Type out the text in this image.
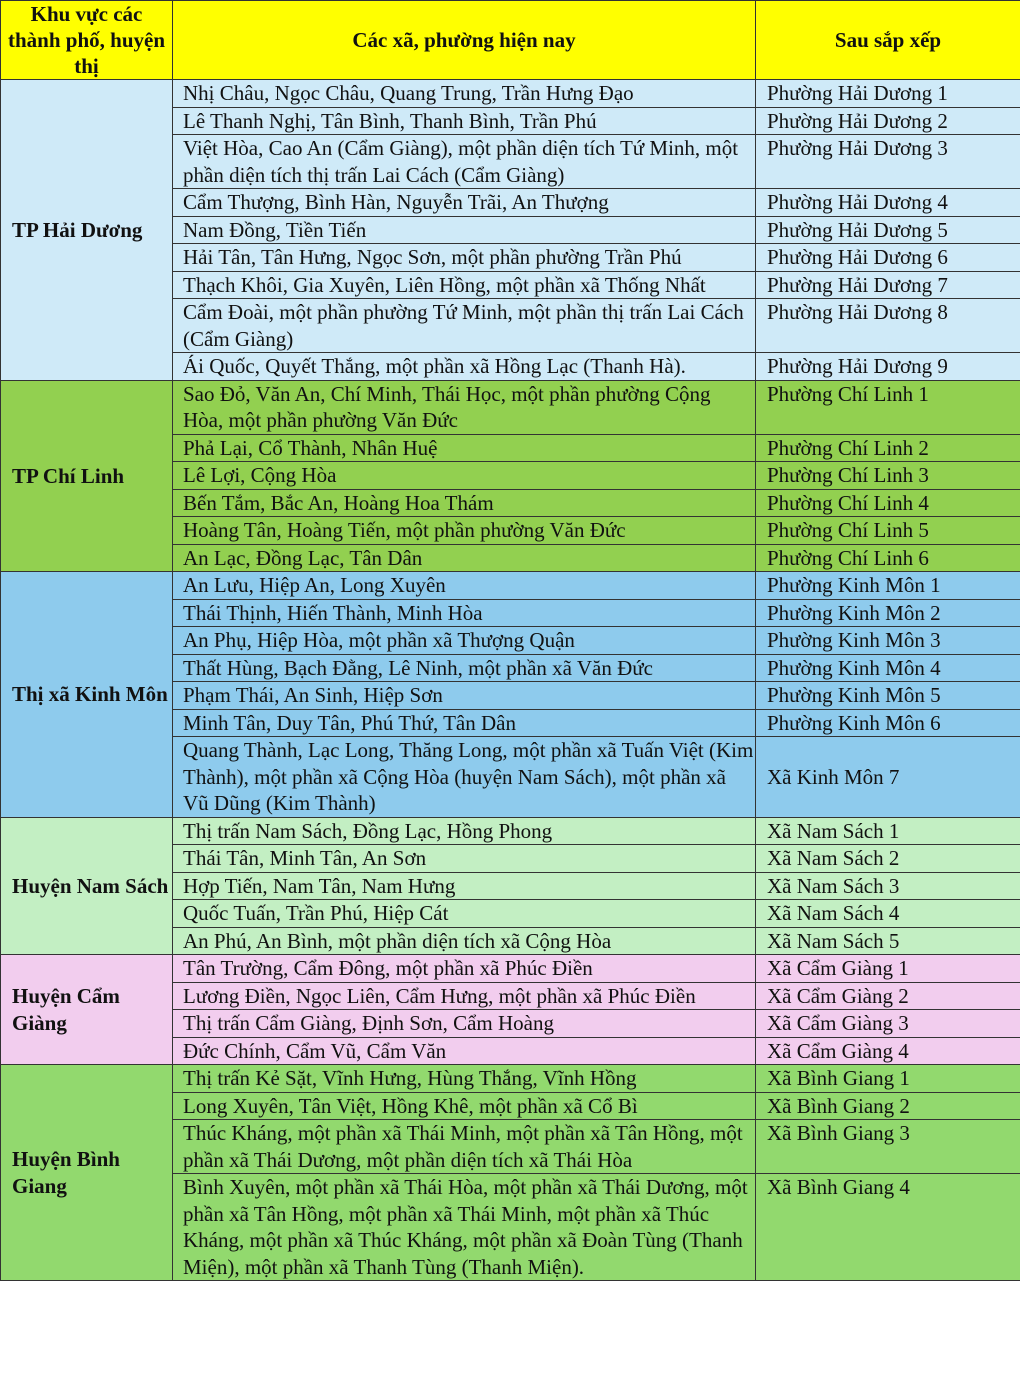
Khu vực các thành phố, huyện thị	Các xã, phường hiện nay	Sau sắp xếp
TP Hải Dương	Nhị Châu, Ngọc Châu, Quang Trung, Trần Hưng Đạo	Phường Hải Dương 1
	Lê Thanh Nghị, Tân Bình, Thanh Bình, Trần Phú	Phường Hải Dương 2
	Việt Hòa, Cao An (Cẩm Giàng), một phần diện tích Tứ Minh, một phần diện tích thị trấn Lai Cách (Cẩm Giàng)	Phường Hải Dương 3
	Cẩm Thượng, Bình Hàn, Nguyễn Trãi, An Thượng	Phường Hải Dương 4
	Nam Đồng, Tiền Tiến	Phường Hải Dương 5
	Hải Tân, Tân Hưng, Ngọc Sơn, một phần phường Trần Phú	Phường Hải Dương 6
	Thạch Khôi, Gia Xuyên, Liên Hồng, một phần xã Thống Nhất	Phường Hải Dương 7
	Cẩm Đoài, một phần phường Tứ Minh, một phần thị trấn Lai Cách (Cẩm Giàng)	Phường Hải Dương 8
	Ái Quốc, Quyết Thắng, một phần xã Hồng Lạc (Thanh Hà).	Phường Hải Dương 9
TP Chí Linh	Sao Đỏ, Văn An, Chí Minh, Thái Học, một phần phường Cộng Hòa, một phần phường Văn Đức	Phường Chí Linh 1
	Phả Lại, Cổ Thành, Nhân Huệ	Phường Chí Linh 2
	Lê Lợi, Cộng Hòa	Phường Chí Linh 3
	Bến Tắm, Bắc An, Hoàng Hoa Thám	Phường Chí Linh 4
	Hoàng Tân, Hoàng Tiến, một phần phường Văn Đức	Phường Chí Linh 5
	An Lạc, Đồng Lạc, Tân Dân	Phường Chí Linh 6
Thị xã Kinh Môn	An Lưu, Hiệp An, Long Xuyên	Phường Kinh Môn 1
	Thái Thịnh, Hiến Thành, Minh Hòa	Phường Kinh Môn 2
	An Phụ, Hiệp Hòa, một phần xã Thượng Quận	Phường Kinh Môn 3
	Thất Hùng, Bạch Đằng, Lê Ninh, một phần xã Văn Đức	Phường Kinh Môn 4
	Phạm Thái, An Sinh, Hiệp Sơn	Phường Kinh Môn 5
	Minh Tân, Duy Tân, Phú Thứ, Tân Dân	Phường Kinh Môn 6
	Quang Thành, Lạc Long, Thăng Long, một phần xã Tuấn Việt (Kim Thành), một phần xã Cộng Hòa (huyện Nam Sách), một phần xã Vũ Dũng (Kim Thành)	Xã Kinh Môn 7
Huyện Nam Sách	Thị trấn Nam Sách, Đồng Lạc, Hồng Phong	Xã Nam Sách 1
	Thái Tân, Minh Tân, An Sơn	Xã Nam Sách 2
	Hợp Tiến, Nam Tân, Nam Hưng	Xã Nam Sách 3
	Quốc Tuấn, Trần Phú, Hiệp Cát	Xã Nam Sách 4
	An Phú, An Bình, một phần diện tích xã Cộng Hòa	Xã Nam Sách 5
Huyện Cẩm Giàng	Tân Trường, Cẩm Đông, một phần xã Phúc Điền	Xã Cẩm Giàng 1
	Lương Điền, Ngọc Liên, Cẩm Hưng, một phần xã Phúc Điền	Xã Cẩm Giàng 2
	Thị trấn Cẩm Giàng, Định Sơn, Cẩm Hoàng	Xã Cẩm Giàng 3
	Đức Chính, Cẩm Vũ, Cẩm Văn	Xã Cẩm Giàng 4
Huyện Bình Giang	Thị trấn Kẻ Sặt, Vĩnh Hưng, Hùng Thắng, Vĩnh Hồng	Xã Bình Giang 1
	Long Xuyên, Tân Việt, Hồng Khê, một phần xã Cổ Bì	Xã Bình Giang 2
	Thúc Kháng, một phần xã Thái Minh, một phần xã Tân Hồng, một phần xã Thái Dương, một phần diện tích xã Thái Hòa	Xã Bình Giang 3
	Bình Xuyên, một phần xã Thái Hòa, một phần xã Thái Dương, một phần xã Tân Hồng, một phần xã Thái Minh, một phần xã Thúc Kháng, một phần xã Thúc Kháng, một phần xã Đoàn Tùng (Thanh Miện), một phần xã Thanh Tùng (Thanh Miện).	Xã Bình Giang 4
DÂN TRÍ
